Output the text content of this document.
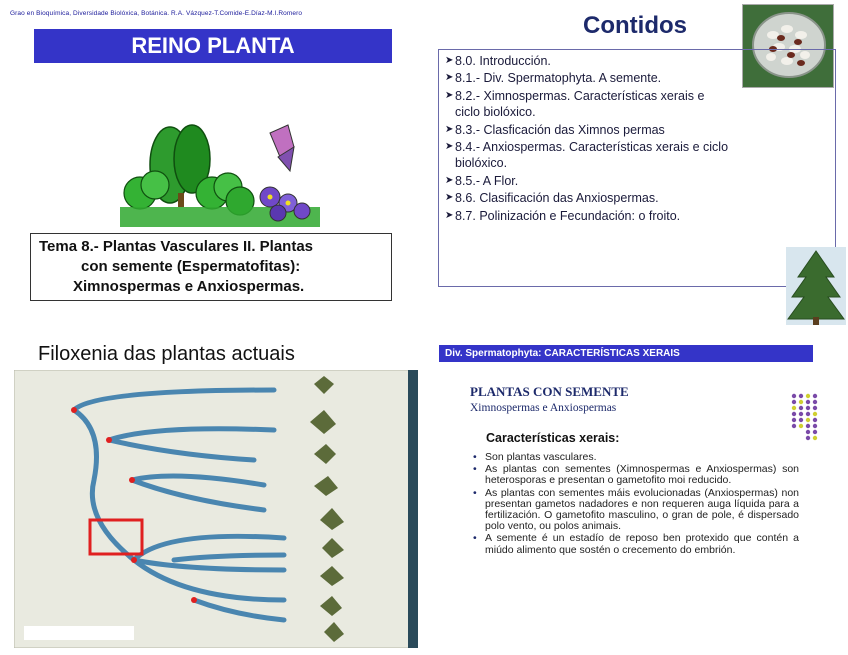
Grao en Bioquímica, Diversidade Biolóxica, Botánica. R.A. Vázquez-T.Comide-E.Díaz-M.I.Romero
REINO PLANTA
Tema 8.- Plantas Vasculares II. Plantas
con semente (Espermatofitas):
Ximnospermas e Anxiospermas.
Contidos
➤ 8.0. Introducción.
➤ 8.1.- Div. Spermatophyta. A semente.
➤ 8.2.- Ximnospermas. Características xerais e
ciclo biolóxico.
➤ 8.3.- Clasficación das Ximnos permas
➤ 8.4.- Anxiospermas. Características xerais e ciclo
biolóxico.
➤ 8.5.- A Flor.
➤ 8.6. Clasificación das Anxiospermas.
➤ 8.7. Polinización e Fecundación: o froito.
Filoxenia das plantas actuais	Div. Spermatophyta: CARACTERÍSTICAS XERAIS
PLANTAS CON SEMENTE
Ximnospermas e Anxiospermas
Características xerais:
• Son plantas vasculares.
• As plantas con sementes (Ximnospermas e Anxiospermas) son heterosporas e presentan o gametofito moi reducido.
• As plantas con sementes máis evolucionadas (Anxiospermas) non presentan gametos nadadores e non requeren auga líquida para a fertilización. O gametofito masculino, o gran de pole, é dispersado polo vento, ou polos animais.
• A semente é un estadío de reposo ben protexido que contén a miúdo alimento que sostén o crecemento do embrión.
